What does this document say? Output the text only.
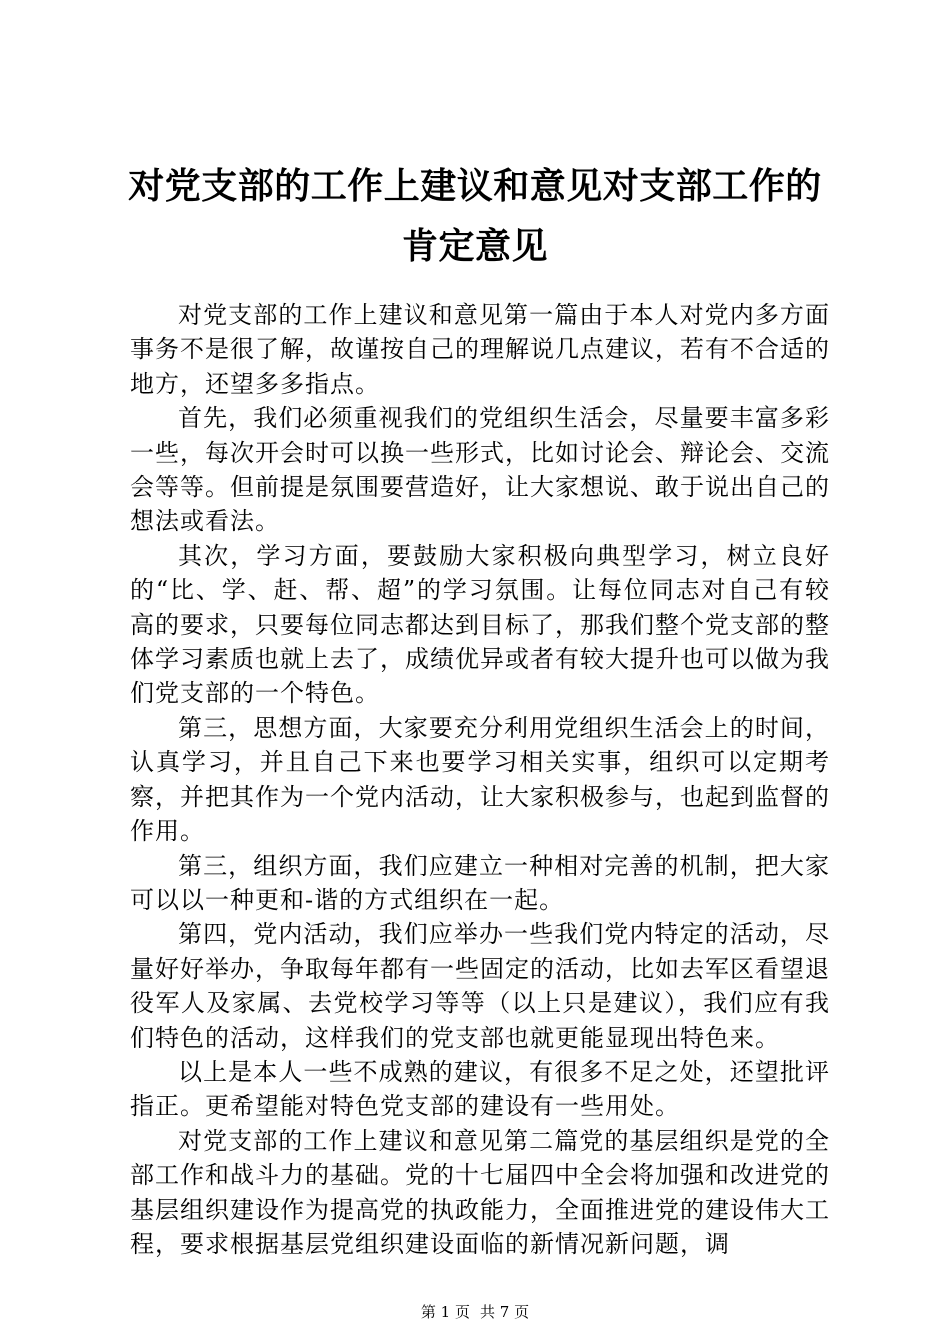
对党支部的工作上建议和意见对支部工作的肯定意见

对党支部的工作上建议和意见第一篇由于本人对党内多方面事务不是很了解，故谨按自己的理解说几点建议，若有不合适的地方，还望多多指点。

首先，我们必须重视我们的党组织生活会，尽量要丰富多彩一些，每次开会时可以换一些形式，比如讨论会、辩论会、交流会等等。但前提是氛围要营造好，让大家想说、敢于说出自己的想法或看法。

其次，学习方面，要鼓励大家积极向典型学习，树立良好的“比、学、赶、帮、超”的学习氛围。让每位同志对自己有较高的要求，只要每位同志都达到目标了，那我们整个党支部的整体学习素质也就上去了，成绩优异或者有较大提升也可以做为我们党支部的一个特色。

第三，思想方面，大家要充分利用党组织生活会上的时间，认真学习，并且自己下来也要学习相关实事，组织可以定期考察，并把其作为一个党内活动，让大家积极参与，也起到监督的作用。

第三，组织方面，我们应建立一种相对完善的机制，把大家可以以一种更和-谐的方式组织在一起。

第四，党内活动，我们应举办一些我们党内特定的活动，尽量好好举办，争取每年都有一些固定的活动，比如去军区看望退役军人及家属、去党校学习等等（以上只是建议），我们应有我们特色的活动，这样我们的党支部也就更能显现出特色来。

以上是本人一些不成熟的建议，有很多不足之处，还望批评指正。更希望能对特色党支部的建设有一些用处。

对党支部的工作上建议和意见第二篇党的基层组织是党的全部工作和战斗力的基础。党的十七届四中全会将加强和改进党的基层组织建设作为提高党的执政能力，全面推进党的建设伟大工程，要求根据基层党组织建设面临的新情况新问题，调

第 1 页 共 7 页
